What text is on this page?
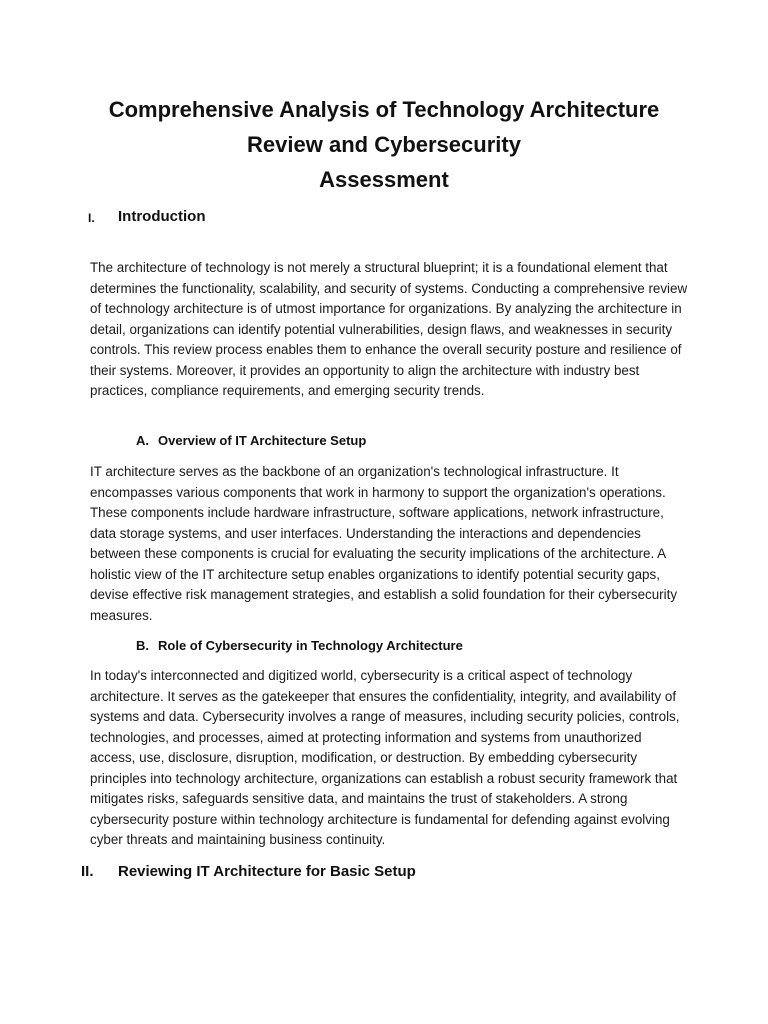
Comprehensive Analysis of Technology Architecture
Review and Cybersecurity
Assessment
I. Introduction

The architecture of technology is not merely a structural blueprint; it is a foundational element that determines the functionality, scalability, and security of systems. Conducting a comprehensive review of technology architecture is of utmost importance for organizations. By analyzing the architecture in detail, organizations can identify potential vulnerabilities, design flaws, and weaknesses in security controls. This review process enables them to enhance the overall security posture and resilience of their systems. Moreover, it provides an opportunity to align the architecture with industry best practices, compliance requirements, and emerging security trends.

A. Overview of IT Architecture Setup

IT architecture serves as the backbone of an organization's technological infrastructure. It encompasses various components that work in harmony to support the organization's operations. These components include hardware infrastructure, software applications, network infrastructure, data storage systems, and user interfaces. Understanding the interactions and dependencies between these components is crucial for evaluating the security implications of the architecture. A holistic view of the IT architecture setup enables organizations to identify potential security gaps, devise effective risk management strategies, and establish a solid foundation for their cybersecurity measures.

B. Role of Cybersecurity in Technology Architecture

In today's interconnected and digitized world, cybersecurity is a critical aspect of technology architecture. It serves as the gatekeeper that ensures the confidentiality, integrity, and availability of systems and data. Cybersecurity involves a range of measures, including security policies, controls, technologies, and processes, aimed at protecting information and systems from unauthorized access, use, disclosure, disruption, modification, or destruction. By embedding cybersecurity principles into technology architecture, organizations can establish a robust security framework that mitigates risks, safeguards sensitive data, and maintains the trust of stakeholders. A strong cybersecurity posture within technology architecture is fundamental for defending against evolving cyber threats and maintaining business continuity.

II. Reviewing IT Architecture for Basic Setup
